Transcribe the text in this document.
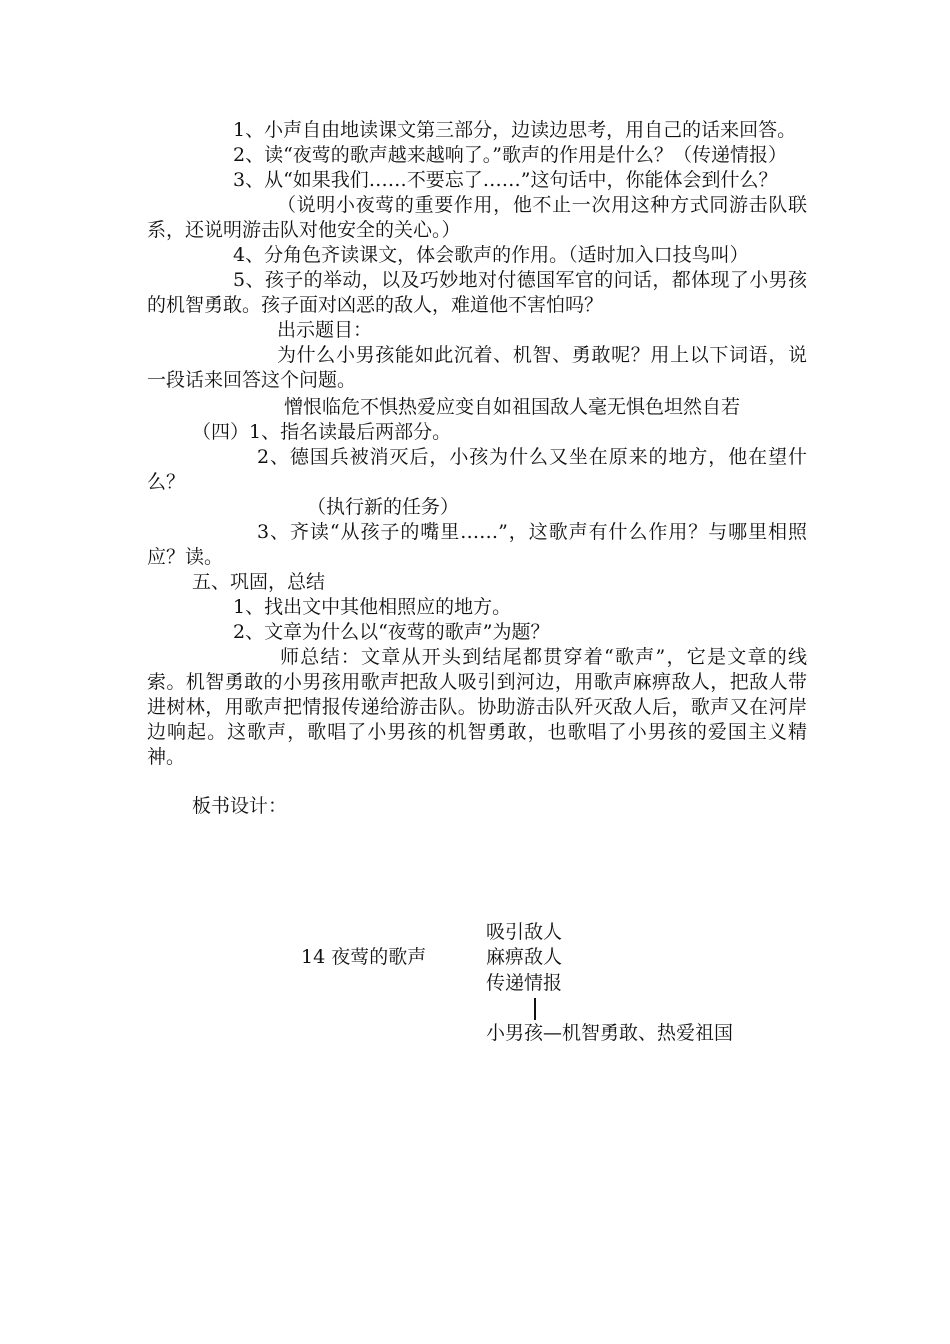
1、小声自由地读课文第三部分，边读边思考，用自己的话来回答。

2、读“夜莺的歌声越来越响了。”歌声的作用是什么？（传递情报）

3、从“如果我们……不要忘了……”这句话中，你能体会到什么？

（说明小夜莺的重要作用，他不止一次用这种方式同游击队联系，还说明游击队对他安全的关心。）

4、分角色齐读课文，体会歌声的作用。（适时加入口技鸟叫）

5、孩子的举动，以及巧妙地对付德国军官的问话，都体现了小男孩的机智勇敢。孩子面对凶恶的敌人，难道他不害怕吗？

出示题目：

为什么小男孩能如此沉着、机智、勇敢呢？用上以下词语，说一段话来回答这个问题。

憎恨临危不惧热爱应变自如祖国敌人毫无惧色坦然自若

（四）1、指名读最后两部分。

2、德国兵被消灭后，小孩为什么又坐在原来的地方，他在望什么？

（执行新的任务）

3、齐读“从孩子的嘴里……”，这歌声有什么作用？与哪里相照应？读。

五、巩固，总结

1、找出文中其他相照应的地方。

2、文章为什么以“夜莺的歌声”为题？

师总结：文章从开头到结尾都贯穿着“歌声”，它是文章的线索。机智勇敢的小男孩用歌声把敌人吸引到河边，用歌声麻痹敌人，把敌人带进树林，用歌声把情报传递给游击队。协助游击队歼灭敌人后，歌声又在河岸边响起。这歌声，歌唱了小男孩的机智勇敢，也歌唱了小男孩的爱国主义精神。

板书设计：

14 夜莺的歌声
吸引敌人
麻痹敌人
传递情报
小男孩—机智勇敢、热爱祖国
